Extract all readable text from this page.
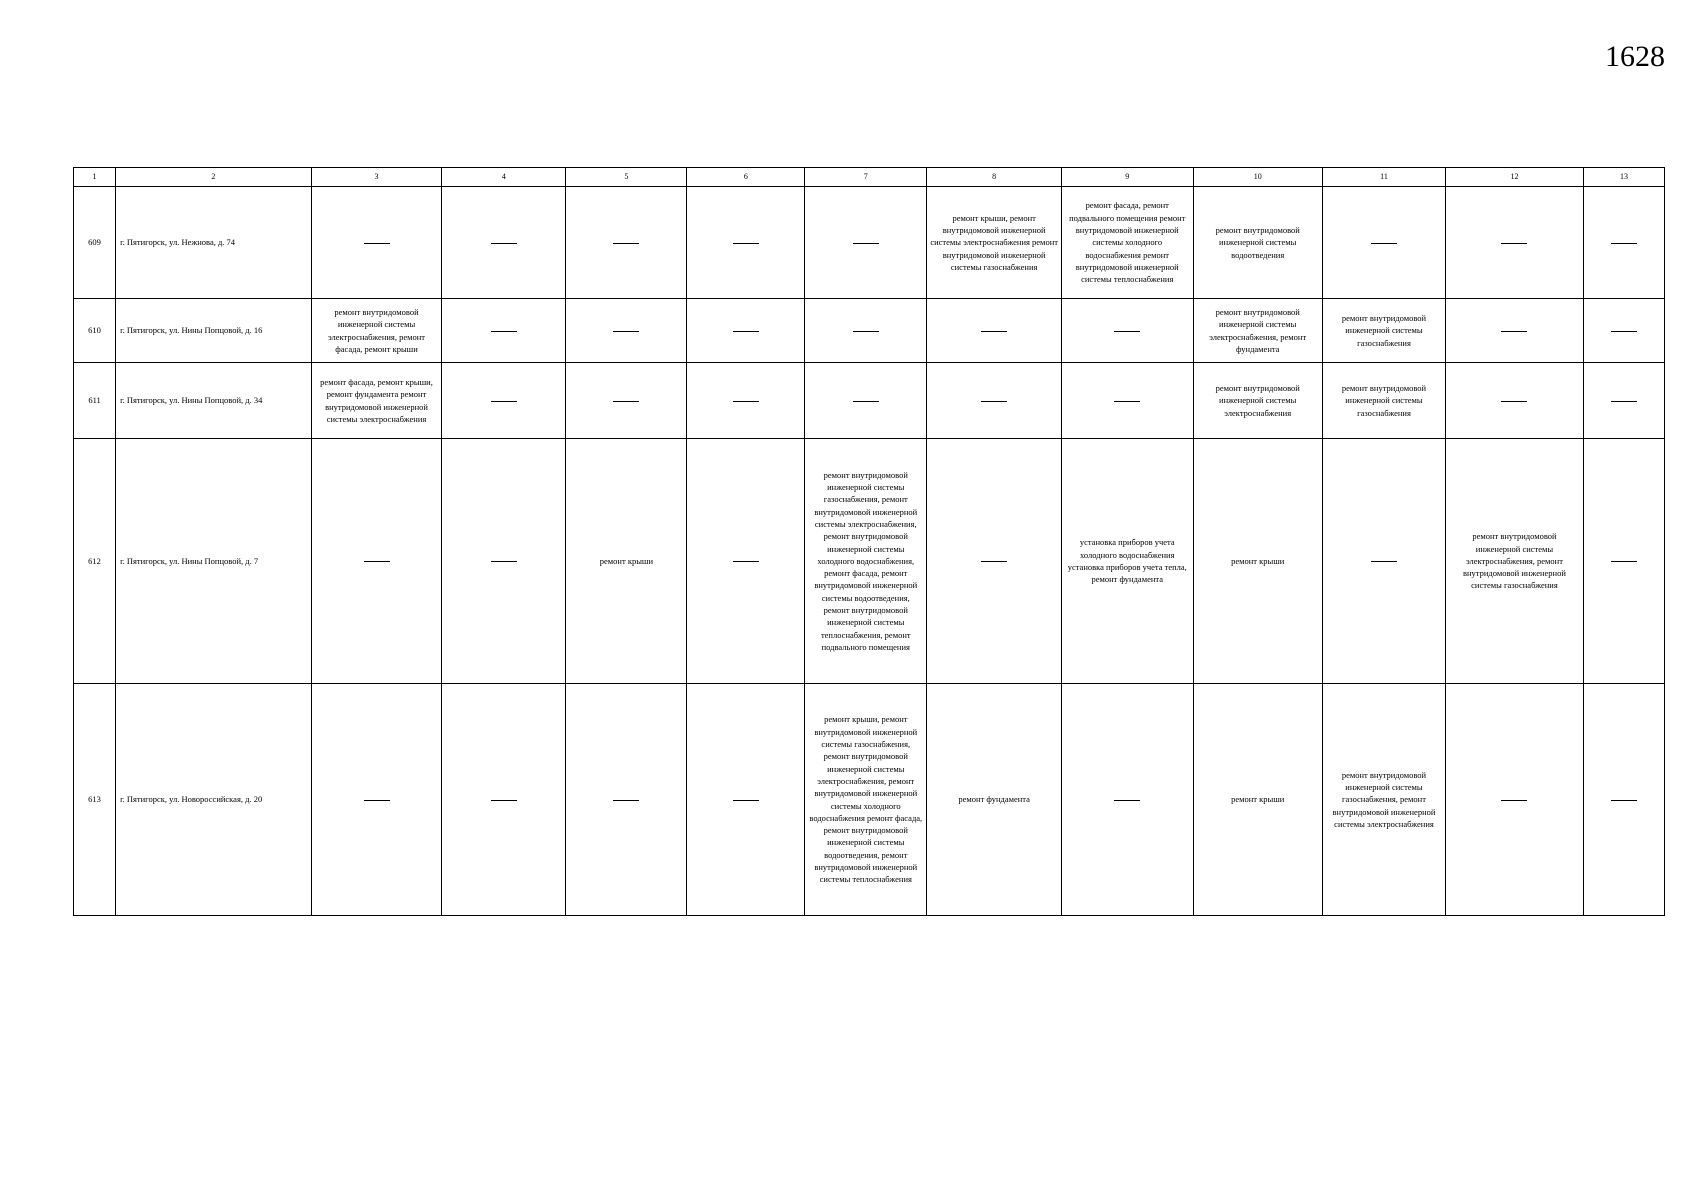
1628
1	2	3	4	5	6	7	8	9	10	11	12	13
609	г. Пятигорск, ул. Нежнова, д. 74						ремонт крыши, ремонт внутридомовой инженерной системы электроснабжения ремонт внутридомовой инженерной системы газоснабжения	ремонт фасада, ремонт подвального помещения ремонт внутридомовой инженерной системы холодного водоснабжения ремонт внутридомовой инженерной системы теплоснабжения	ремонт внутридомовой инженерной системы водоотведения			
610	г. Пятигорск, ул. Нины Попцовой, д. 16	ремонт внутридомовой инженерной системы электроснабжения, ремонт фасада, ремонт крыши							ремонт внутридомовой инженерной системы электроснабжения, ремонт фундамента	ремонт внутридомовой инженерной системы газоснабжения		
611	г. Пятигорск, ул. Нины Попцовой, д. 34	ремонт фасада, ремонт крыши, ремонт фундамента ремонт внутридомовой инженерной системы электроснабжения							ремонт внутридомовой инженерной системы электроснабжения	ремонт внутридомовой инженерной системы газоснабжения		
612	г. Пятигорск, ул. Нины Попцовой, д. 7			ремонт крыши		ремонт внутридомовой инженерной системы газоснабжения, ремонт внутридомовой инженерной системы электроснабжения, ремонт внутридомовой инженерной системы холодного водоснабжения, ремонт фасада, ремонт внутридомовой инженерной системы водоотведения, ремонт внутридомовой инженерной системы теплоснабжения, ремонт подвального помещения		установка приборов учета холодного водоснабжения установка приборов учета тепла, ремонт фундамента	ремонт крыши		ремонт внутридомовой инженерной системы электроснабжения, ремонт внутридомовой инженерной системы газоснабжения	
613	г. Пятигорск, ул. Новороссийская, д. 20					ремонт крыши, ремонт внутридомовой инженерной системы газоснабжения, ремонт внутридомовой инженерной системы электроснабжения, ремонт внутридомовой инженерной системы холодного водоснабжения ремонт фасада, ремонт внутридомовой инженерной системы водоотведения, ремонт внутридомовой инженерной системы теплоснабжения	ремонт фундамента		ремонт крыши	ремонт внутридомовой инженерной системы газоснабжения, ремонт внутридомовой инженерной системы электроснабжения		
